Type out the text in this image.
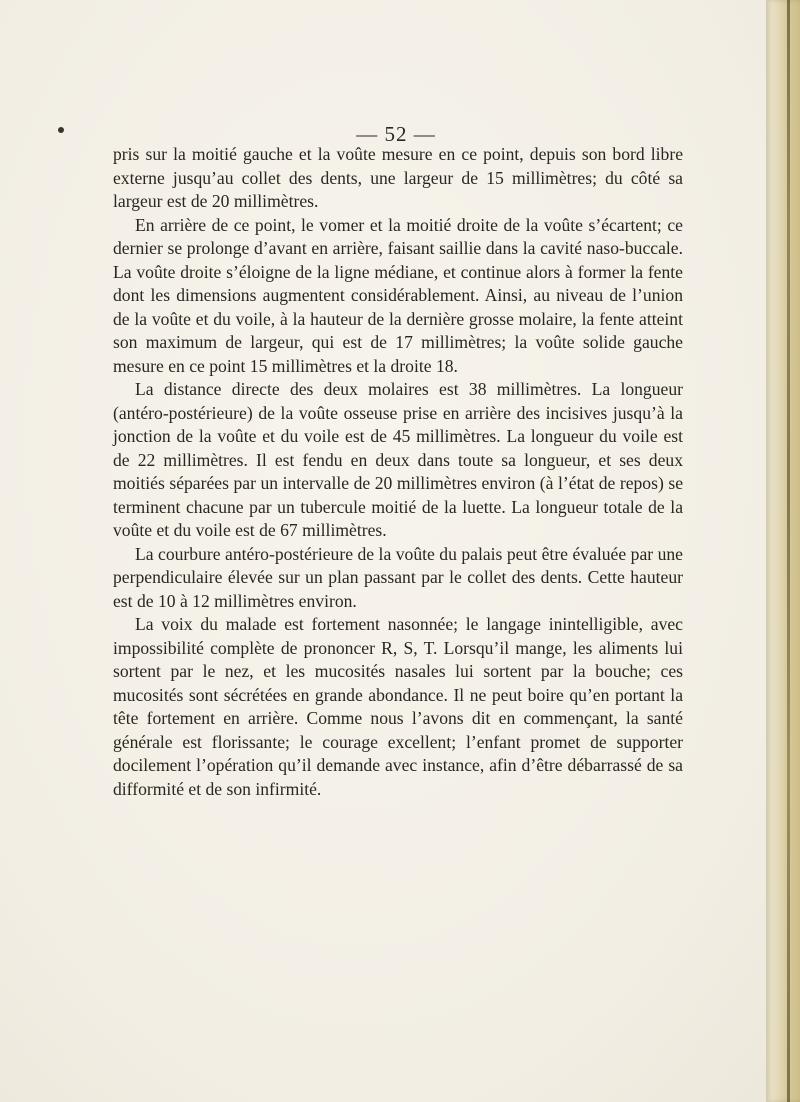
— 52 —

pris sur la moitié gauche et la voûte mesure en ce point, depuis son bord libre externe jusqu’au collet des dents, une largeur de 15 millimètres; du côté sa largeur est de 20 millimètres.

En arrière de ce point, le vomer et la moitié droite de la voûte s’écartent; ce dernier se prolonge d’avant en arrière, faisant saillie dans la cavité naso-buccale. La voûte droite s’éloigne de la ligne médiane, et continue alors à former la fente dont les dimensions augmentent considérablement. Ainsi, au niveau de l’union de la voûte et du voile, à la hauteur de la dernière grosse molaire, la fente atteint son maximum de largeur, qui est de 17 millimètres; la voûte solide gauche mesure en ce point 15 millimètres et la droite 18.

La distance directe des deux molaires est 38 millimètres. La longueur (antéro-postérieure) de la voûte osseuse prise en arrière des incisives jusqu’à la jonction de la voûte et du voile est de 45 millimètres. La longueur du voile est de 22 millimètres. Il est fendu en deux dans toute sa longueur, et ses deux moitiés séparées par un intervalle de 20 millimètres environ (à l’état de repos) se terminent chacune par un tubercule moitié de la luette. La longueur totale de la voûte et du voile est de 67 millimètres.

La courbure antéro-postérieure de la voûte du palais peut être évaluée par une perpendiculaire élevée sur un plan passant par le collet des dents. Cette hauteur est de 10 à 12 millimètres environ.

La voix du malade est fortement nasonnée; le langage inintelligible, avec impossibilité complète de prononcer R, S, T. Lorsqu’il mange, les aliments lui sortent par le nez, et les mucosités nasales lui sortent par la bouche; ces mucosités sont sécrétées en grande abondance. Il ne peut boire qu’en portant la tête fortement en arrière. Comme nous l’avons dit en commençant, la santé générale est florissante; le courage excellent; l’enfant promet de supporter docilement l’opération qu’il demande avec instance, afin d’être débarrassé de sa difformité et de son infirmité.
